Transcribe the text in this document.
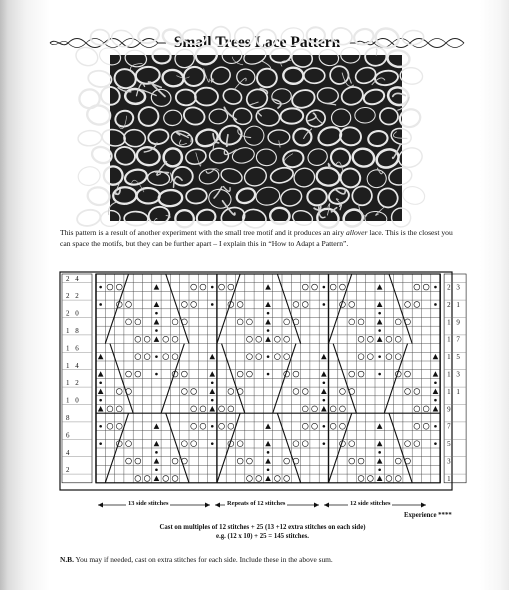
Small Trees Lace Pattern
This pattern is a result of another experiment with the small tree motif and it produces an airy allover lace. This is the closest you can space the motifs, but they can be further apart – I explain this in “How to Adapt a Pattern”.
2 4
2 2
2 0
1 8
1 6
1 4
1 2
1 0
8
6
4
2
2 3
2 1
1 9
1 7
1 5
1 3
1 1
9
7
5
3
1
13 side stitches	Repeats of 12 stitches	12 side stitches
Experience ****
Cast on multiples of 12 stitches + 25 (13 +12 extra stitches on each side)
e.g. (12 x 10) + 25 = 145 stitches.
N.B. You may if needed, cast on extra stitches for each side. Include these in the above sum.
